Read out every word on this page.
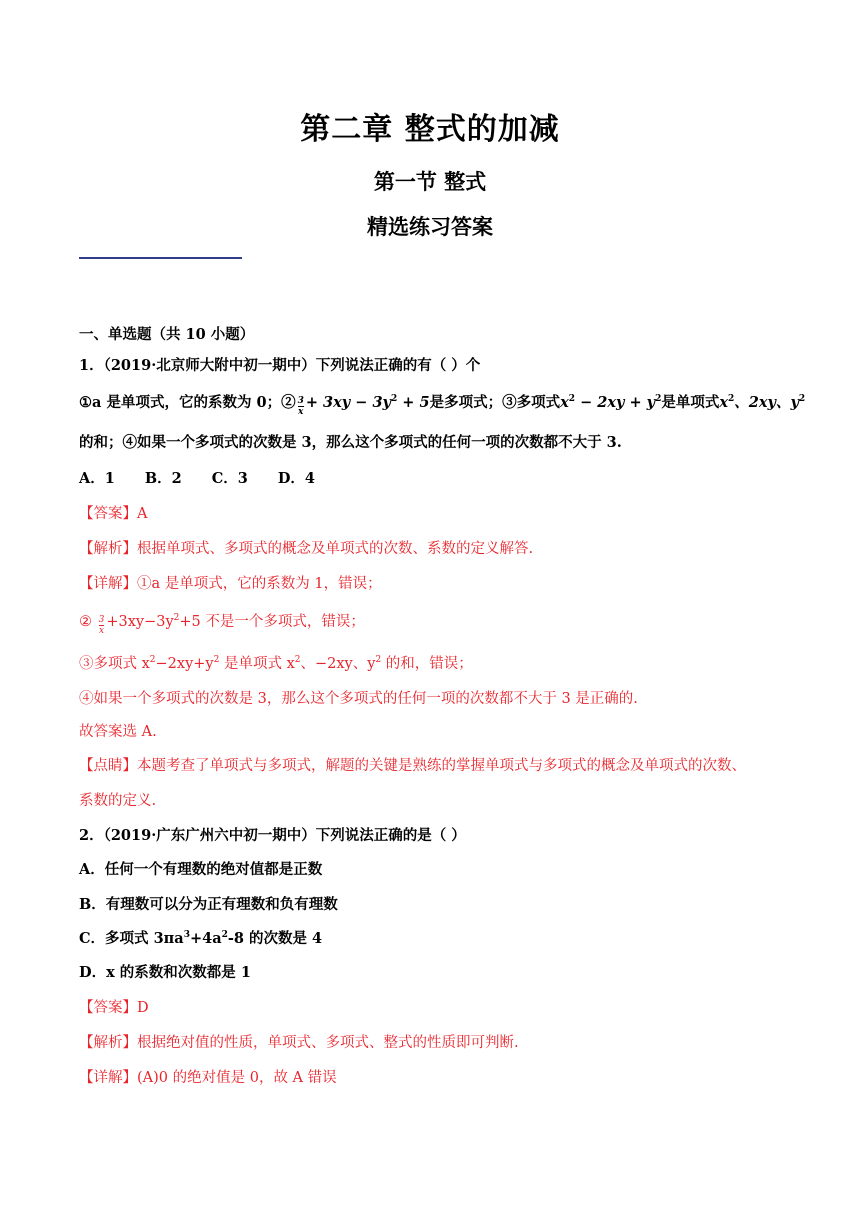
第二章 整式的加减
第一节 整式
精选练习答案
一、单选题（共 10 小题）
1．（2019·北京师大附中初一期中）下列说法正确的有（ ）个
①a 是单项式，它的系数为 0；② $\frac{3}{x} + 3xy - 3y^2 + 5$是多项式；③多项式$x^2 - 2xy + y^2$是单项式$x^2$、2xy、$y^2$
的和；④如果一个多项式的次数是 3，那么这个多项式的任何一项的次数都不大于 3.
A．1 B．2 C．3 D．4
【答案】A
【解析】根据单项式、多项式的概念及单项式的次数、系数的定义解答.
【详解】①a 是单项式，它的系数为 1，错误；
② $\frac{3}{x} +3xy-3y^2+5$ 不是一个多项式，错误；
③多项式 $x^2-2xy+y^2$ 是单项式 $x^2$、−2xy、$y^2$ 的和，错误；
④如果一个多项式的次数是 3，那么这个多项式的任何一项的次数都不大于 3 是正确的.
故答案选 A.
【点睛】本题考查了单项式与多项式，解题的关键是熟练的掌握单项式与多项式的概念及单项式的次数、
系数的定义.
2．（2019·广东广州六中初一期中）下列说法正确的是（ ）
A．任何一个有理数的绝对值都是正数
B．有理数可以分为正有理数和负有理数
C．多项式 $3\pi a^3+4a^2-8$ 的次数是 4
D．x 的系数和次数都是 1
【答案】D
【解析】根据绝对值的性质，单项式、多项式、整式的性质即可判断.
【详解】(A)0 的绝对值是 0，故 A 错误
